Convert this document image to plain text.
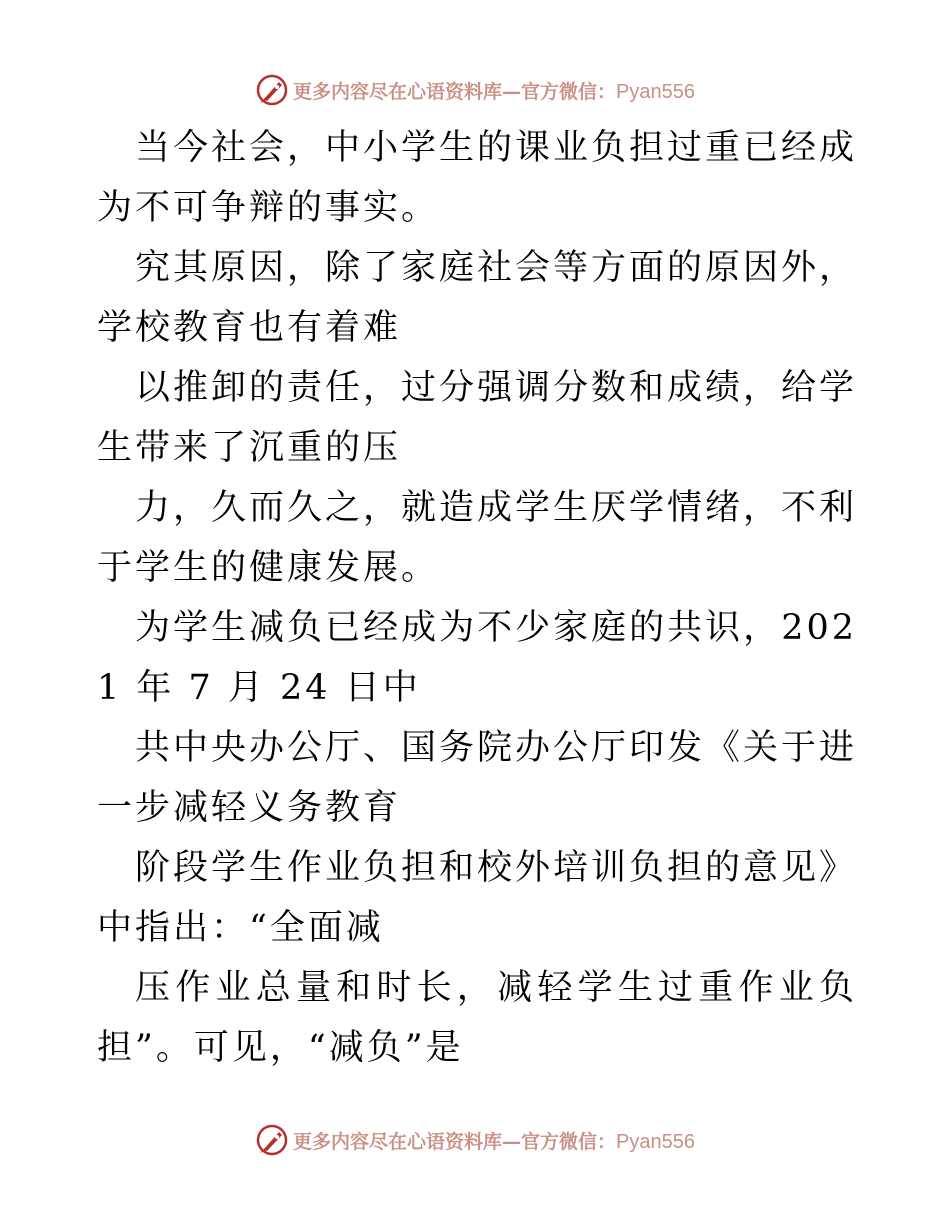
更多内容尽在心语资料库—官方微信：Pyan556

当今社会，中小学生的课业负担过重已经成为不可争辩的事实。

究其原因，除了家庭社会等方面的原因外，学校教育也有着难

以推卸的责任，过分强调分数和成绩，给学生带来了沉重的压

力，久而久之，就造成学生厌学情绪，不利于学生的健康发展。

为学生减负已经成为不少家庭的共识，2021 年 7 月 24 日中

共中央办公厅、国务院办公厅印发《关于进一步减轻义务教育

阶段学生作业负担和校外培训负担的意见》中指出：“全面减

压作业总量和时长，减轻学生过重作业负担”。可见，“减负”是

更多内容尽在心语资料库—官方微信：Pyan556
